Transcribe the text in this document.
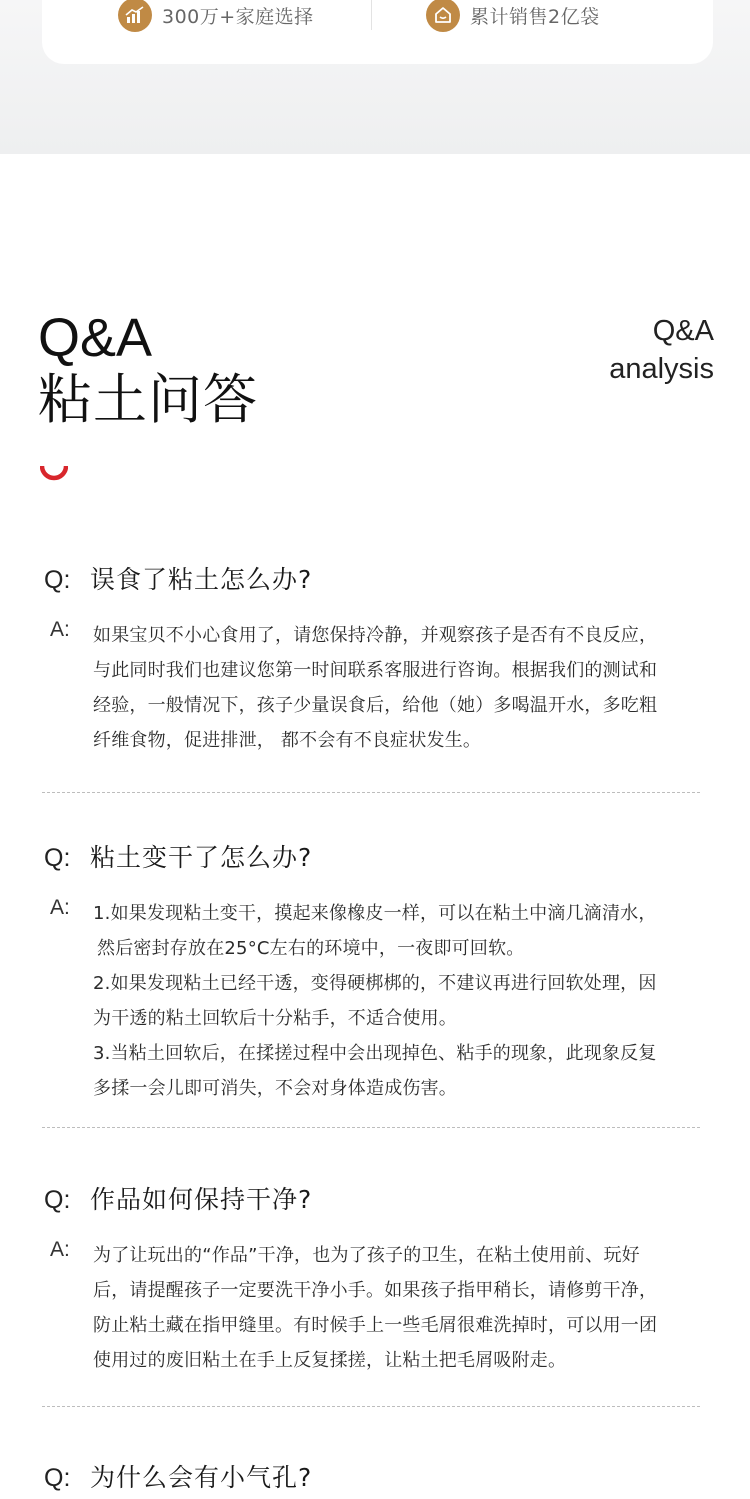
300万+家庭选择	累计销售2亿袋
Q&A
粘土问答
Q&A
analysis
Q: 误食了粘土怎么办?
A: 如果宝贝不小心食用了，请您保持冷静，并观察孩子是否有不良反应，

与此同时我们也建议您第一时间联系客服进行咨询。根据我们的测试和

经验，一般情况下，孩子少量误食后，给他（她）多喝温开水，多吃粗

纤维食物，促进排泄， 都不会有不良症状发生。

Q: 粘土变干了怎么办?
A: 1.如果发现粘土变干，摸起来像橡皮一样，可以在粘土中滴几滴清水，

然后密封存放在25°C左右的环境中，一夜即可回软。

2.如果发现粘土已经干透，变得硬梆梆的，不建议再进行回软处理，因

为干透的粘土回软后十分粘手，不适合使用。

3.当粘土回软后，在揉搓过程中会出现掉色、粘手的现象，此现象反复

多揉一会儿即可消失，不会对身体造成伤害。

Q: 作品如何保持干净?
A: 为了让玩出的“作品”干净，也为了孩子的卫生，在粘土使用前、玩好

后，请提醒孩子一定要洗干净小手。如果孩子指甲稍长，请修剪干净，

防止粘土藏在指甲缝里。有时候手上一些毛屑很难洗掉时，可以用一团

使用过的废旧粘土在手上反复揉搓，让粘土把毛屑吸附走。

Q: 为什么会有小气孔?
